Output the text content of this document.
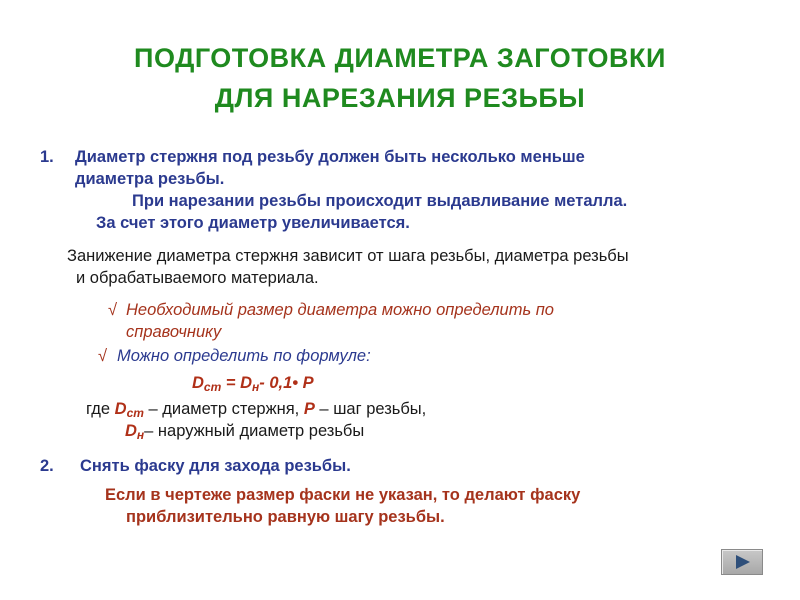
ПОДГОТОВКА ДИАМЕТРА ЗАГОТОВКИ
ДЛЯ НАРЕЗАНИЯ РЕЗЬБЫ
1. Диаметр стержня под резьбу должен быть несколько меньше
диаметра резьбы.
При нарезании резьбы происходит выдавливание металла.
За счет этого диаметр увеличивается.
Занижение диаметра стержня зависит от шага резьбы, диаметра резьбы
и обрабатываемого материала.
√ Необходимый размер диаметра можно определить по
справочнику
√ Можно определить по формуле:
$D_{ст} = D_н-$ 0,1• P
где $D_{ст}$ – диаметр стержня, P – шаг резьбы,
$D_н-$ наружный диаметр резьбы
2. Снять фаску для захода резьбы.
Если в чертеже размер фаски не указан, то делают фаску
приблизительно равную шагу резьбы.
